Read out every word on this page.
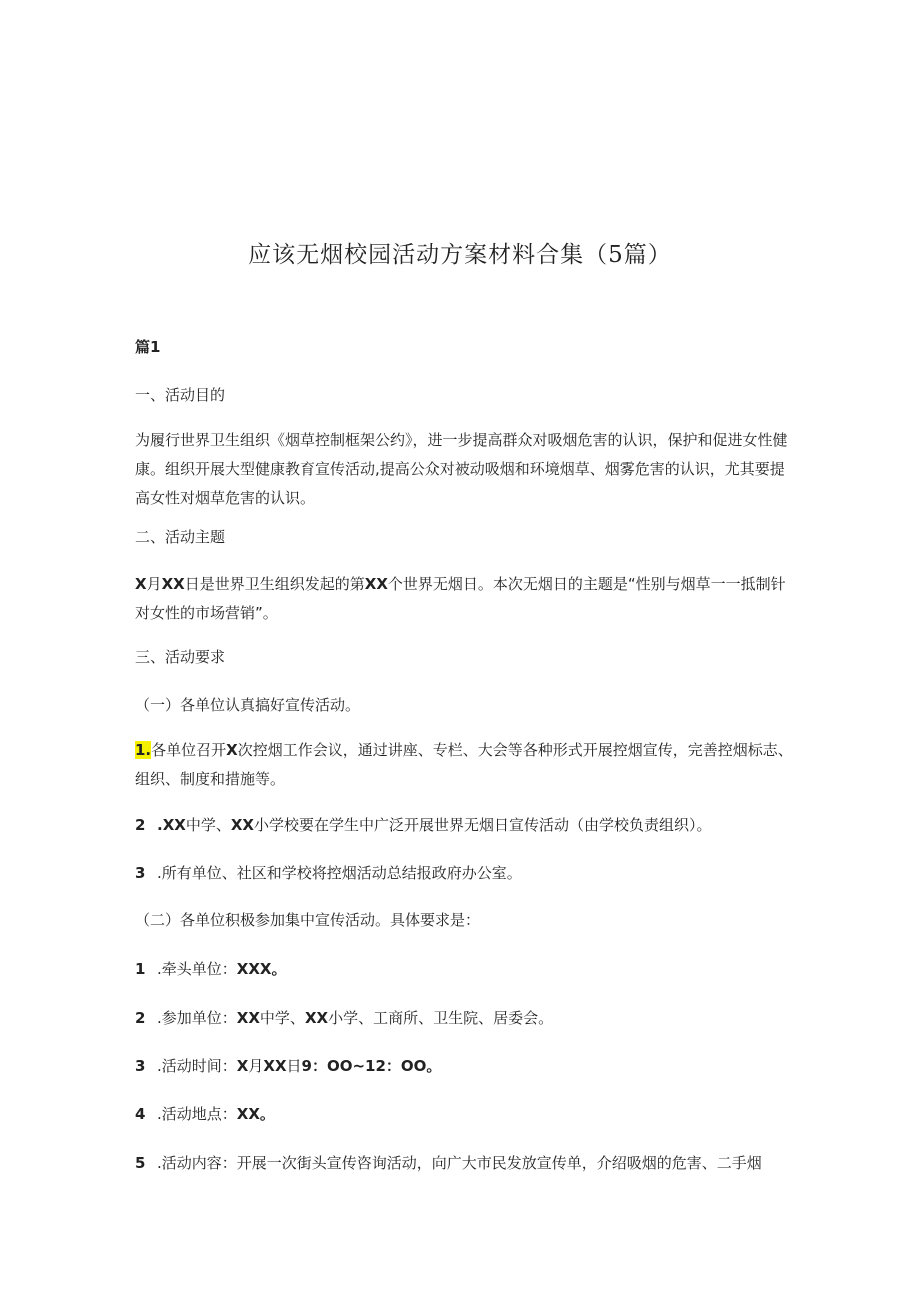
应该无烟校园活动方案材料合集（5篇）
篇1
一、活动目的
为履行世界卫生组织《烟草控制框架公约》，进一步提高群众对吸烟危害的认识，保护和促进女性健康。组织开展大型健康教育宣传活动,提高公众对被动吸烟和环境烟草、烟雾危害的认识，尤其要提高女性对烟草危害的认识。
二、活动主题
X月XX日是世界卫生组织发起的第XX个世界无烟日。本次无烟日的主题是“性别与烟草一一抵制针对女性的市场营销”。
三、活动要求
（一）各单位认真搞好宣传活动。
1.各单位召开X次控烟工作会议，通过讲座、专栏、大会等各种形式开展控烟宣传，完善控烟标志、组织、制度和措施等。
2 .XX中学、XX小学校要在学生中广泛开展世界无烟日宣传活动（由学校负责组织）。
3 .所有单位、社区和学校将控烟活动总结报政府办公室。
（二）各单位积极参加集中宣传活动。具体要求是：
1 .牵头单位：XXX。
2 .参加单位：XX中学、XX小学、工商所、卫生院、居委会。
3 .活动时间：X月XX日9：OO~12：OO。
4 .活动地点：XX。
5 .活动内容：开展一次街头宣传咨询活动，向广大市民发放宣传单，介绍吸烟的危害、二手烟
